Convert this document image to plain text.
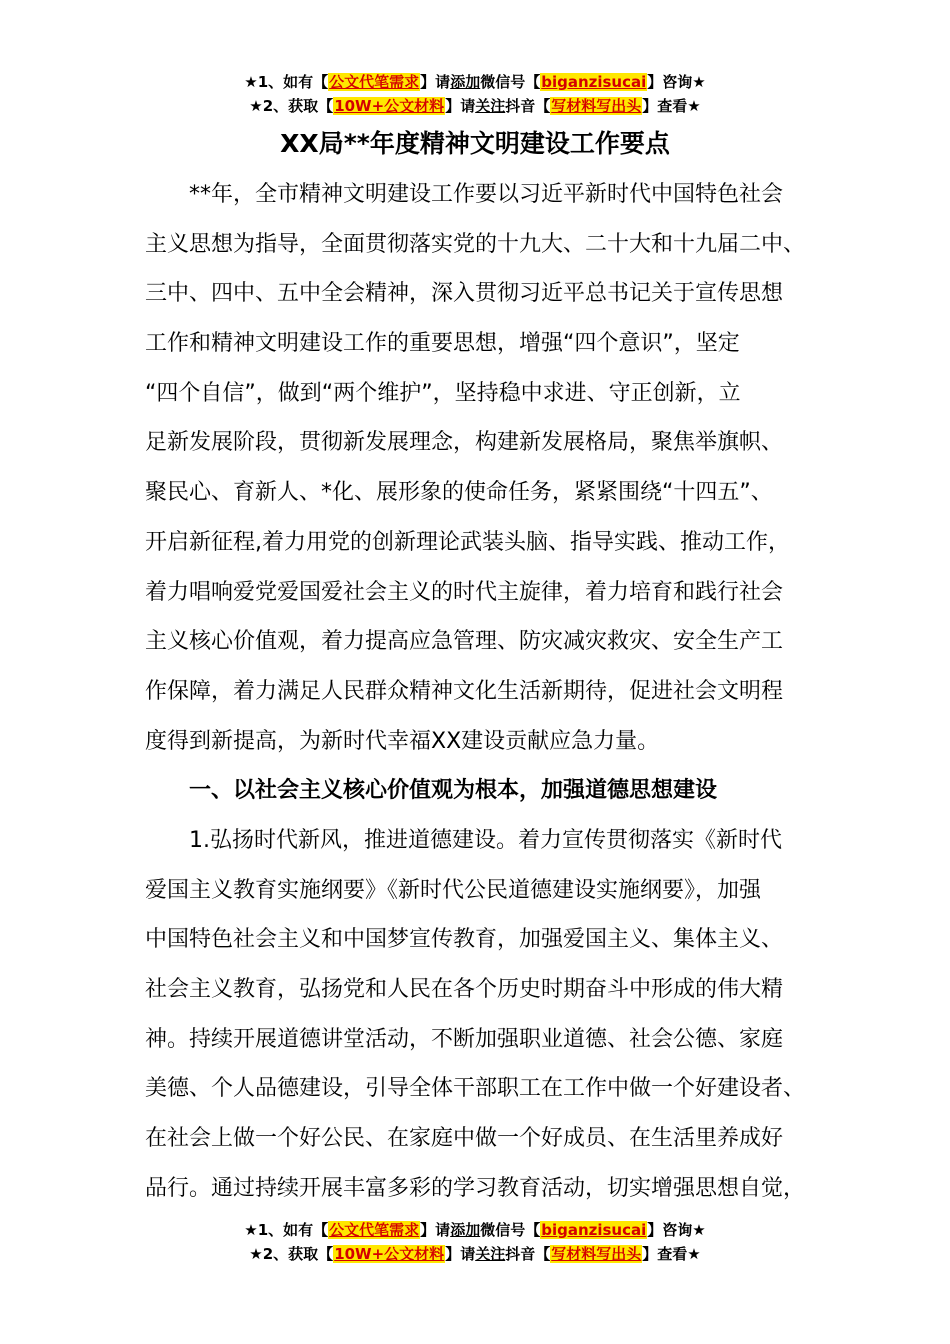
★1、如有【公文代笔需求】请添加微信号【biganzisucai】咨询★
★2、获取【10W+公文材料】请关注抖音【写材料写出头】查看★
XX局**年度精神文明建设工作要点
**年，全市精神文明建设工作要以习近平新时代中国特色社会
主义思想为指导，全面贯彻落实党的十九大、二十大和十九届二中、
三中、四中、五中全会精神，深入贯彻习近平总书记关于宣传思想
工作和精神文明建设工作的重要思想，增强“四个意识”，坚定
“四个自信”，做到“两个维护”，坚持稳中求进、守正创新，立
足新发展阶段，贯彻新发展理念，构建新发展格局，聚焦举旗帜、
聚民心、育新人、*化、展形象的使命任务，紧紧围绕“十四五”、
开启新征程,着力用党的创新理论武装头脑、指导实践、推动工作，
着力唱响爱党爱国爱社会主义的时代主旋律，着力培育和践行社会
主义核心价值观，着力提高应急管理、防灾减灾救灾、安全生产工
作保障，着力满足人民群众精神文化生活新期待，促进社会文明程
度得到新提高，为新时代幸福XX建设贡献应急力量。
一、以社会主义核心价值观为根本，加强道德思想建设
1.弘扬时代新风，推进道德建设。着力宣传贯彻落实《新时代
爱国主义教育实施纲要》《新时代公民道德建设实施纲要》，加强
中国特色社会主义和中国梦宣传教育，加强爱国主义、集体主义、
社会主义教育，弘扬党和人民在各个历史时期奋斗中形成的伟大精
神。持续开展道德讲堂活动，不断加强职业道德、社会公德、家庭
美德、个人品德建设，引导全体干部职工在工作中做一个好建设者、
在社会上做一个好公民、在家庭中做一个好成员、在生活里养成好
品行。通过持续开展丰富多彩的学习教育活动，切实增强思想自觉，
★1、如有【公文代笔需求】请添加微信号【biganzisucai】咨询★
★2、获取【10W+公文材料】请关注抖音【写材料写出头】查看★
